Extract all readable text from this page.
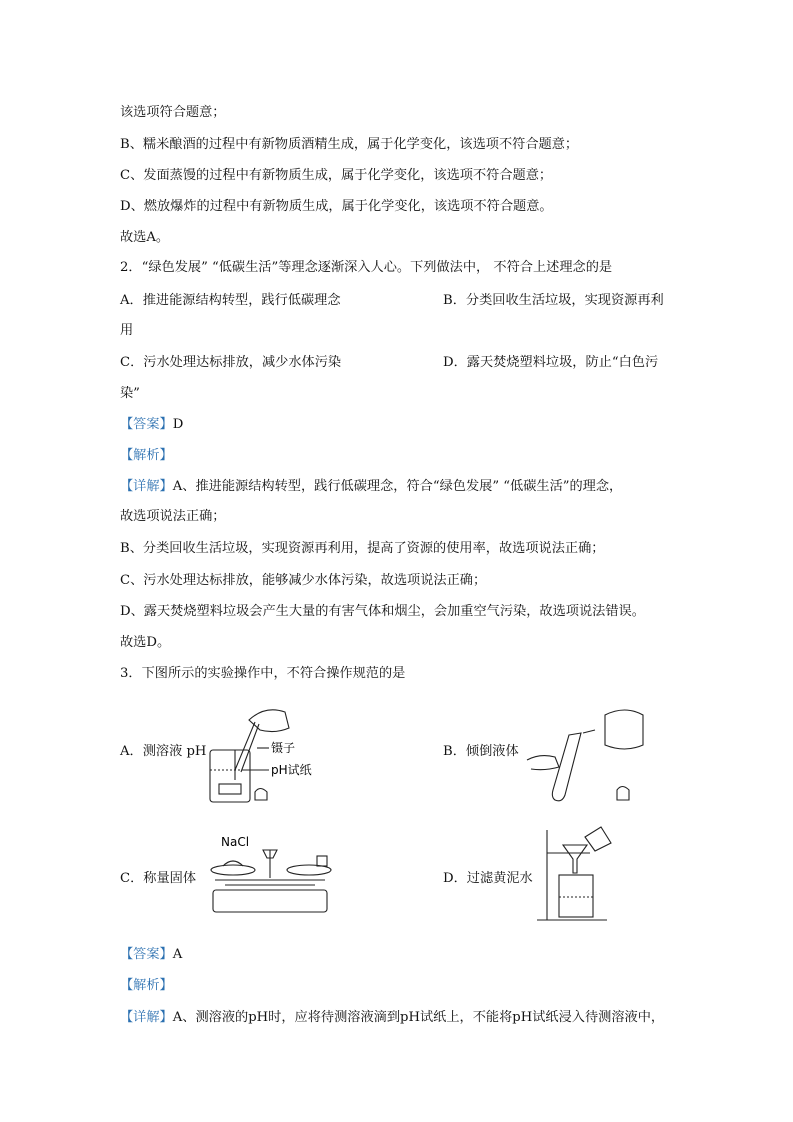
该选项符合题意；
B、糯米酿酒的过程中有新物质酒精生成，属于化学变化，该选项不符合题意；
C、发面蒸馒的过程中有新物质生成，属于化学变化，该选项不符合题意；
D、燃放爆炸的过程中有新物质生成，属于化学变化，该选项不符合题意。
故选A。
2．“绿色发展” “低碳生活”等理念逐渐深入人心。下列做法中， 不符合上述理念的是
A．推进能源结构转型，践行低碳理念	B．分类回收生活垃圾，实现资源再利
用
C．污水处理达标排放，减少水体污染	D．露天焚烧塑料垃圾，防止“白色污
染”
【答案】D
【解析】
【详解】A、推进能源结构转型，践行低碳理念，符合“绿色发展” “低碳生活”的理念，
故选项说法正确；
B、分类回收生活垃圾，实现资源再利用，提高了资源的使用率，故选项说法正确；
C、污水处理达标排放，能够减少水体污染，故选项说法正确；
D、露天焚烧塑料垃圾会产生大量的有害气体和烟尘，会加重空气污染，故选项说法错误。
故选D。
3．下图所示的实验操作中，不符合操作规范的是
A．测溶液 pH	B．倾倒液体
C．称量固体	D．过滤黄泥水
镊子
pH试纸
NaCl
【答案】A
【解析】
【详解】A、测溶液的pH时，应将待测溶液滴到pH试纸上，不能将pH试纸浸入待测溶液中，
